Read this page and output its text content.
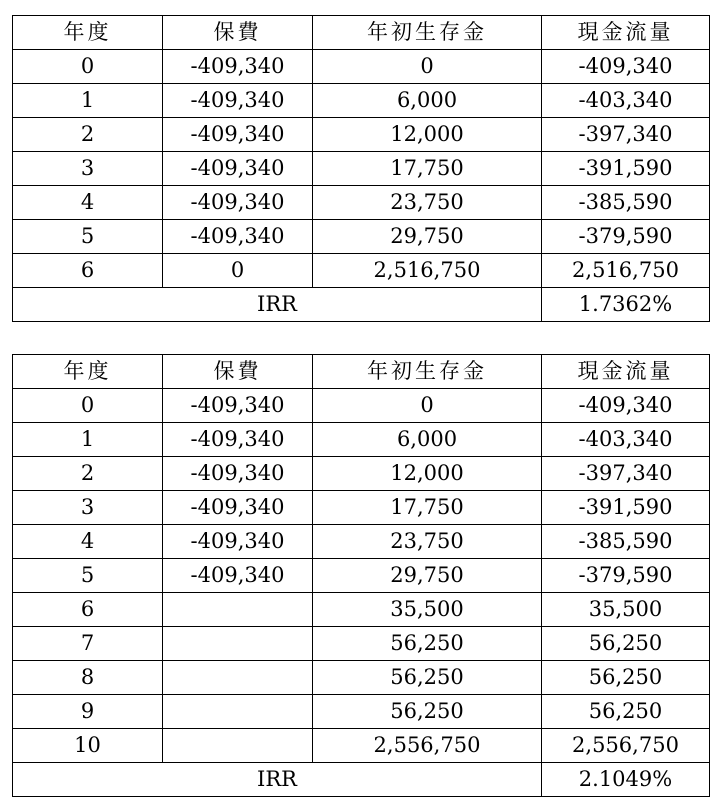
年度	保費	年初生存金	現金流量
0	-409,340	0	-409,340
1	-409,340	6,000	-403,340
2	-409,340	12,000	-397,340
3	-409,340	17,750	-391,590
4	-409,340	23,750	-385,590
5	-409,340	29,750	-379,590
6	0	2,516,750	2,516,750
IRR			1.7362%
年度	保費	年初生存金	現金流量
0	-409,340	0	-409,340
1	-409,340	6,000	-403,340
2	-409,340	12,000	-397,340
3	-409,340	17,750	-391,590
4	-409,340	23,750	-385,590
5	-409,340	29,750	-379,590
6		35,500	35,500
7		56,250	56,250
8		56,250	56,250
9		56,250	56,250
10		2,556,750	2,556,750
IRR			2.1049%
